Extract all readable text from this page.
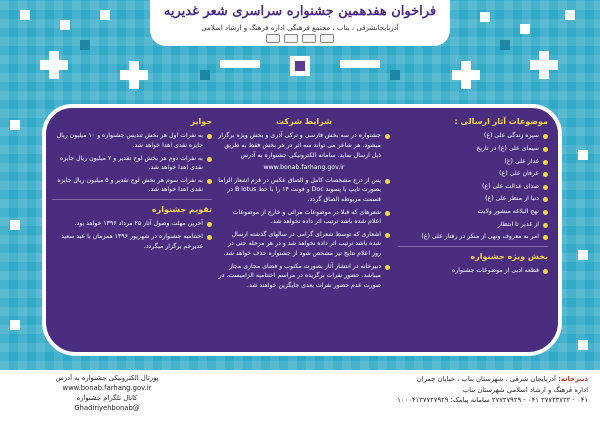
فراخوان هفدهمین جشنواره سراسری شعر غدیریه
آذربایجانشرقی ، بناب ، مجتمع فرهنگی اداره فرهنگ و ارشاد اسلامی
موضوعات آثار ارسالی :
سیره زندگی علی (ع)
سیمای علی (ع) در تاریخ
غدار علی (ع)
عرفان علی (ع)
صدای عدالت علی (ع)
دنیا از منظر علی (ع)
نهج البلاغه منشور ولایت
از غدیر تا انتظار
امر به معروف ونهی از منکر در رفتار علی (ع)
بخش ویژه جشنواره
قطعه ادبی از موضوعات جشنواره
شرایط شرکت
جشنواره در سه بخش فارسی و ترکی آذری و بخش ویژه برگزار میشود. هر شاعر می تواند سه اثر در هر بخش فقط به طریق ذیل ارسال نماید. سامانه الکترونیکی جشنواره به آدرس
www.bonab.farhang.gov.ir
پس از درج مشخصات کامل و الصاق عکس در فرم اشعار الزاما بصورت تایپ با پسوند Doc و فونت ۱۴ را با خط B lotus در قسمت مربوطه الصاق گردد.
شعرهای که قبلا در موضوعات مراثی و خارج از موضوعات اعلام شده باشد ترتیب اثر داده نخواهد شد.
اشعاری که توسط شعرای گرامی در سالهای گذشته ارسال شده باشد ترتیب اثر داده نخواهد شد و در هر مرحله حتی در روز اعلام نتایج نیز مشخص شود از جشنواره حذف خواهد شد.
دبیرخانه در انتشار آثار بصورت مکتوب و فضای مجازی مجاز میباشد. حضور نفرات برگزیده در مراسم اختتامیه الزامیست. در صورت عدم حضور نفرات بعدی جایگزین خواهند شد.
جوایز
به نفرات اول هر بخش تندیس جشنواره و ۱۰ میلیون ریال جایزه نقدی اهدا خواهد شد.
به نفرات دوم هر بخش لوح تقدیر و ۷ میلیون ریال جایزه نقدی اهدا خواهد شد.
به نفرات سوم هر بخش لوح تقدیر و ۵ میلیون ریال جایزه نقدی اهدا خواهد شد.
تقویم جشنواره
آخرین مهلت وصول آثار ۲۵ مرداد ۱۳۹۶ خواهد بود.
اختتامیه جشنواره در شهریور ۱۳۹۶ همزمان با عید سعید غدیرخم برگزار میگردد.
پورتال الکترونیکی جشنواره به آدرس
www.bonab.farhang.gov.ir
کانال تلگرام جشنواره
@Ghadiriyehbonab
دبیرخانه: آذربایجان شرقی ، شهرستان بناب ، خیابان چمران
اداره فرهنگ و ارشاد اسلامی شهرستان بناب
۰۴۱ - ۳۷۷۳۳۷۲۲ ۰۴۱ - ۳۷۷۲۷۹۲۹ سامانه پیامک: ۱۰۰۰۴۱۳۷۷۲۷۹۲۹
